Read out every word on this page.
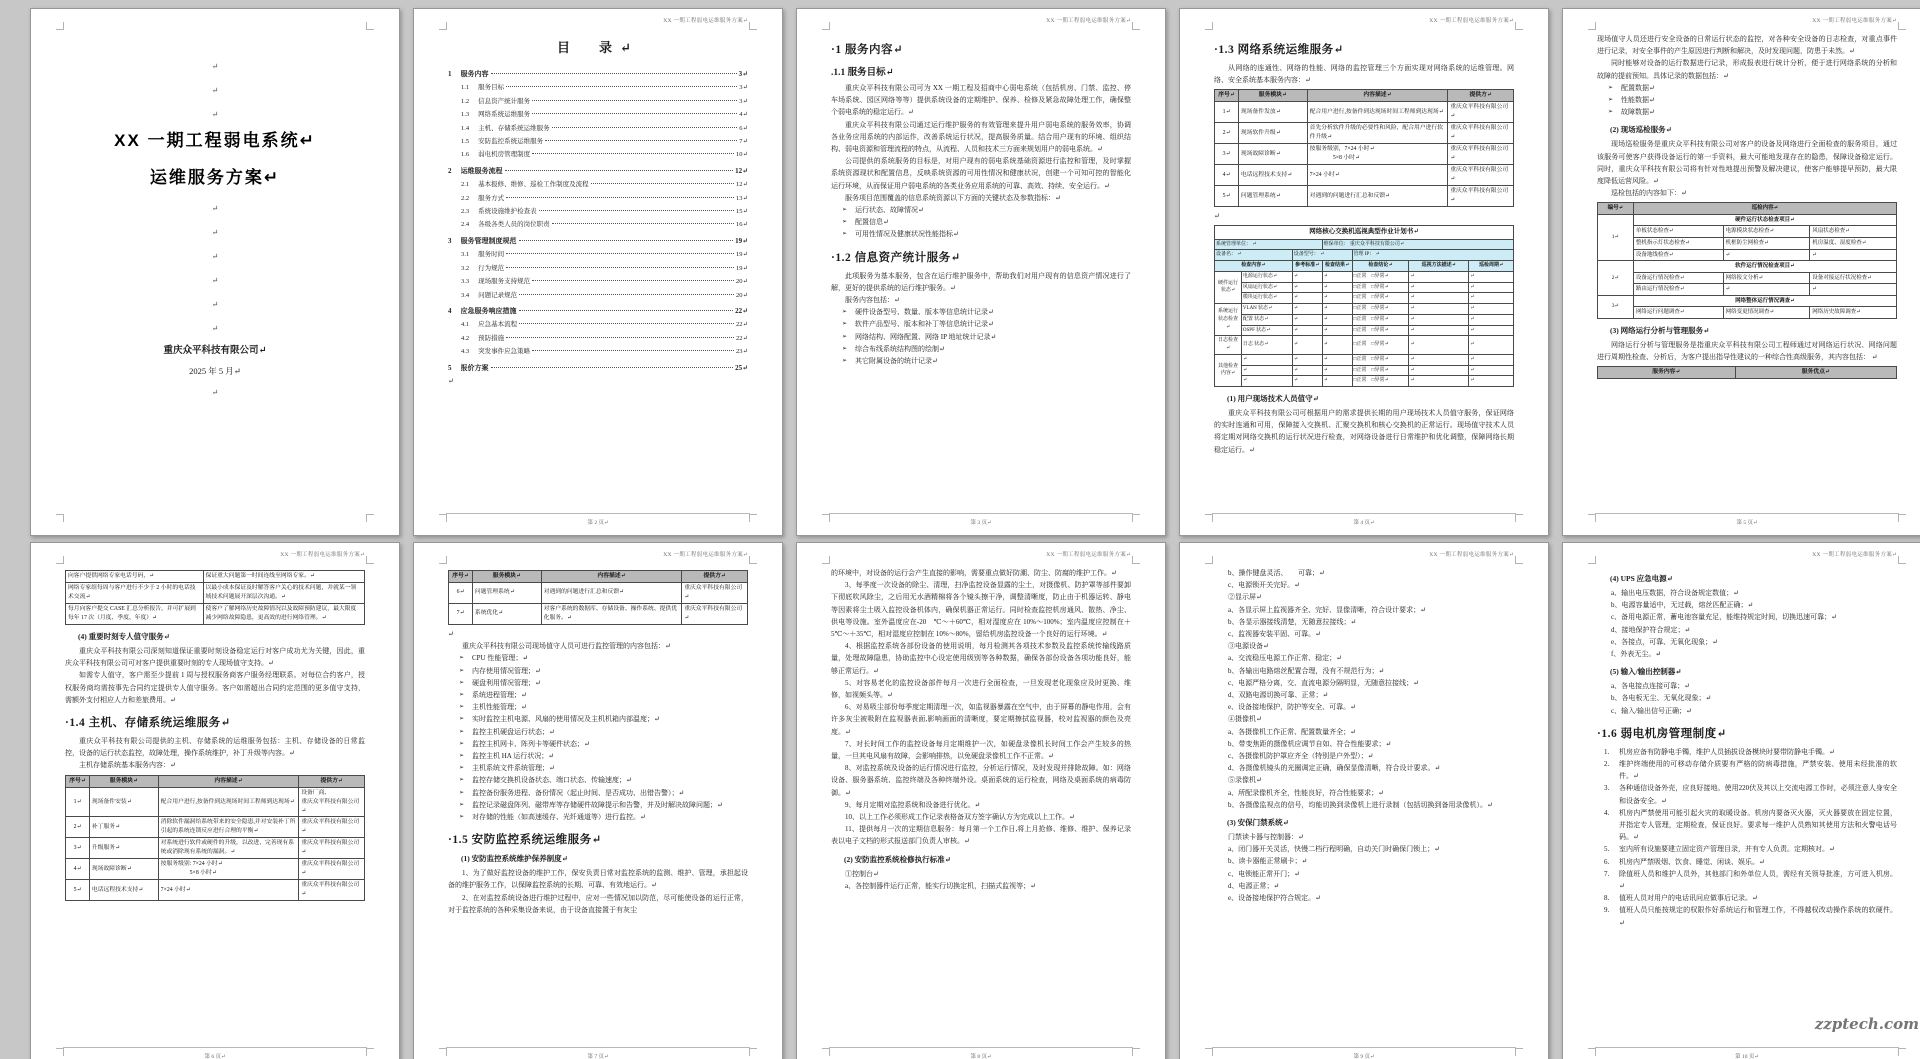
↵
↵
↵
XX 一期工程弱电系统↵
运维服务方案↵
↵
↵
↵
↵
↵
↵
重庆众平科技有限公司↵
2025 年 5 月↵
↵
XX 一期工程弱电运维服务方案↵
目　录↵
1 服务内容	3↵
1.1 服务目标	3↵
1.2 信息资产统计服务	3↵
1.3 网络系统运维服务	4↵
1.4 主机、存储系统运维服务	6↵
1.5 安防监控系统运维服务	7↵
1.6 弱电机房管理制度	10↵
2 运维服务流程	12↵
2.1 基本报修、维修、巡检工作制度及流程	12↵
2.2 服务方式	13↵
2.3 系统设施维护检查表	15↵
2.4 各级各类人员的岗位职责	16↵
3 服务管理制度规范	19↵
3.1 服务时间	19↵
3.2 行为规范	19↵
3.3 现场服务支持规范	20↵
3.4 问题记录规范	20↵
4 应急服务响应措施	22↵
4.1 应急基本流程	22↵
4.2 预防措施	22↵
4.3 突发事件应急策略	23↵
5 报价方案	25↵
↵
第 2 页↵
XX 一期工程弱电运维服务方案↵
·1 服务内容↵
.1.1 服务目标↵
重庆众平科技有限公司可为 XX 一期工程及招商中心弱电系统（包括机房、门禁、监控、停车场系统、园区网络等等）提供系统设备的定期维护、保养、检修及紧急故障处理工作，确保整个弱电系统的稳定运行。↵
重庆众平科技有限公司通过运行维护服务的有效管理来提升用户弱电系统的服务效率，协调各业务应用系统的内部运作，改善系统运行状况，提高服务质量。结合用户现有的环境、组织结构、弱电资源和管理流程的特点，从流程、人员和技术三方面来规划用户的弱电系统。↵
公司提供的系统服务的目标是，对用户现有的弱电系统基础资源进行监控和管理，及时掌握系统资源现状和配置信息，反映系统资源的可用性情况和健康状况，创建一个可知可控的智能化运行环境，从而保证用户弱电系统的各类业务应用系统的可靠、高效、持续、安全运行。↵
服务项目范围覆盖的信息系统资源以下方面的关键状态及参数指标：↵
➢ 运行状态、故障情况↵
➢ 配置信息↵
➢ 可用性情况及健康状况性能指标↵
·1.2 信息资产统计服务↵
此项服务为基本服务，包含在运行维护服务中，帮助我们对用户现有的信息资产情况进行了解，更好的提供系统的运行维护服务。↵
服务内容包括：↵
➢ 硬件设备型号、数量、版本等信息统计记录↵
➢ 软件产品型号、版本和补丁等信息统计记录↵
➢ 网络结构、网络配置、网络 IP 地址统计记录↵
➢ 综合布线系统结构图的绘制↵
➢ 其它附属设备的统计记录↵
第 3 页↵
XX 一期工程弱电运维服务方案↵
·1.3 网络系统运维服务↵
从网络的连通性、网络的性能、网络的监控管理三个方面实现对网络系统的运维管理。网络、安全系统基本服务内容：↵
序号↵	服务模块↵	内容描述↵	提供方↵
1↵	现场备件发放↵	配合用户进行,按备件到达现场时间工程师到达现场↵	重庆众平科技有限公司↵
2↵	现场软件升级↵	首先分析软件升级的必要性和风险，配合用户进行软件升级↵	重庆众平科技有限公司↵
3↵	现场故障诊断↵	按服务级别，7×24 小时↵
　　　　5×8 小时↵	重庆众平科技有限公司↵
4↵	电话远程技术支持↵	7×24 小时↵	重庆众平科技有限公司↵
5↵	问题管理系统↵	对遇到的问题进行汇总和反馈↵	重庆众平科技有限公司↵
↵
网络核心交换机巡视典型作业计划书↵						
系统管理单位： ↵			维保单位： 重庆众平科技有限公司↵			
设备名： ↵		设备型号： ↵		管理 IP： ↵		
检查内容↵		参考标准↵	检查结果↵	检查结论↵	巡视方法描述↵	巡检周期↵
硬件运行状态↵	电源运行状态↵	↵	↵	□正常　□异常↵	↵	↵
	风扇运行状态↵	↵	↵	□正常　□异常↵	↵	↵
	模块运行状态↵	↵	↵	□正常　□异常↵	↵	↵
系统运行状态检查↵	VLAN 状态↵	↵	↵	□正常　□异常↵	↵	↵
	配置 状态↵	↵	↵	□正常　□异常↵	↵	↵
	OSPF 状态↵	↵	↵	□正常　□异常↵	↵	↵
日志检查↵	日志 状态↵	↵	↵	□正常　□异常↵	↵	↵
其他检查内容↵	↵	↵	↵	□正常　□异常↵	↵	↵
	↵	↵	↵	□正常　□异常↵	↵	↵
	↵	↵	↵	□正常　□异常↵	↵	↵
(1) 用户现场技术人员值守↵
重庆众平科技有限公司可根据用户的需求提供长期的用户现场技术人员值守服务，保证网络的实时连通和可用，保障接入交换机、汇聚交换机和核心交换机的正常运行。现场值守技术人员将定期对网络交换机的运行状况进行检查，对网络设备进行日常维护和优化调整，保障网络长期稳定运行。↵
第 4 页↵
XX 一期工程弱电运维服务方案↵
现场值守人员还进行安全设备的日常运行状态的监控，对各种安全设备的日志检查，对重点事件进行记录，对安全事件的产生原因进行判断和解决，及时发现问题，防患于未然。↵
同时能够对设备的运行数据进行记录，形成报表进行统计分析，便于进行网络系统的分析和故障的提前预知。具体记录的数据包括：↵
➢ 配置数据↵
➢ 性能数据↵
➢ 故障数据↵
(2) 现场巡检服务↵
现场巡检服务是重庆众平科技有限公司对客户的设备及网络进行全面检查的服务项目，通过该服务可使客户获得设备运行的第一手资料，最大可能地发现存在的隐患，保障设备稳定运行。同时，重庆众平科技有限公司将有针对性地提出预警及解决建议，使客户能够提早预防，最大限度降低运营风险。↵
巡检包括的内容如下：↵
编号↵	巡检内容↵		
1↵	硬件运行状态检查项目↵		
	单板状态检查↵	电源模块状态检查↵	风扇状态检查↵
	整机指示灯状态检查↵	机框防尘网检查↵	机房温度、湿度检查↵
	设备地线检查↵	↵	↵
2↵	软件运行情况检查项目↵		
	设备运行情况检查↵	网络报文分析↵	设备对接运行状况检查↵
	路由运行情况检查↵	↵	↵
3↵	网络整体运行情况调查↵		
	网络运行问题调查↵	网络变更情况调查↵	网络历史故障调查↵
(3) 网络运行分析与管理服务↵
网络运行分析与管理服务是指重庆众平科技有限公司工程师通过对网络运行状况、网络问题进行周期性检查、分析后，为客户提出指导性建议的一种综合性高级服务，其内容包括： ↵
服务内容↵	服务优点↵
第 5 页↵
XX 一期工程弱电运维服务方案↵
向客户提供网络专家电话号码，↵	保证重大问题第一时间连线至网络专家。↵
网络专家组每周与客户进行不少于 2 小时的电话技术交流↵	以最小成本保证及时解答客户关心的技术问题，并就某一领域技术问题展开深层次沟通。↵
每月向客户提交 CASE 汇总分析报告，并可扩展到每年 17 次（月度、季度、年度）↵	使客户了解网络历史故障情况以及故障预防建议，最大限度减少网络故障隐患，更高效的进行网络管理。↵
(4) 重要时刻专人值守服务↵
重庆众平科技有限公司深刻知道保证重要时刻设备稳定运行对客户成功尤为关键，因此，重庆众平科技有限公司可对客户提供重要时刻的专人现场值守支持。↵
如需专人值守，客户需至少提前 1 周与授权服务商客户服务经理联系。对每位合约客户，授权服务商均需按事先合同约定提供专人值守服务。客户如需超出合同约定范围的更多值守支持，需额外支付相应人力和差旅费用。↵
·1.4 主机、存储系统运维服务↵
重庆众平科技有限公司提供的主机、存储系统的运维服务包括：主机、存储设备的日常监控，设备的运行状态监控，故障处理，操作系统维护，补丁升级等内容。↵
主机存储系统基本服务内容：↵
序号↵	服务模块↵	内容描述↵	提供方↵
1↵	现场备件安装↵	配合用户进行,按备件到达现场时间工程师到达现场↵	设备厂商、
重庆众平科技有限公司↵
2↵	补丁服务↵	消除软件漏洞给系统带来的安全隐患,并对安装补丁所引起的系统连锁反应进行合理的平衡↵	重庆众平科技有限公司↵
3↵	升级服务↵	对系统进行软件或硬件的升级，以改进、完善现有系统或消除现有系统的漏洞。↵	重庆众平科技有限公司↵
4↵	现场故障诊断↵	按服务级别: 7×24 小时↵
　　　　　5×8 小时↵	重庆众平科技有限公司↵
5↵	电话远程技术支持↵	7×24 小时↵	重庆众平科技有限公司↵
第 6 页↵
XX 一期工程弱电运维服务方案↵
序号↵	服务模块↵	内容描述↵	提供方↵
6↵	问题管理系统↵	对遇到的问题进行汇总和反馈↵	重庆众平科技有限公司↵
7↵	系统优化↵	对客户系统的数据库、存储设备、操作系统、提供优化服务。↵	重庆众平科技有限公司↵
↵
重庆众平科技有限公司现场值守人员可进行监控管理的内容包括：↵
➢ CPU 性能管理；↵
➢ 内存使用情况管理；↵
➢ 硬盘利用情况管理；↵
➢ 系统进程管理；↵
➢ 主机性能管理；↵
➢ 实时监控主机电源、风扇的使用情况及主机机箱内部温度；↵
➢ 监控主机硬盘运行状态；↵
➢ 监控主机网卡、阵列卡等硬件状态；↵
➢ 监控主机 HA 运行状况；↵
➢ 主机系统文件系统管理；↵
➢ 监控存储交换机设备状态、端口状态、传输速度；↵
➢ 监控备份服务进程、备份情况（起止时间、是否成功、出错告警）；↵
➢ 监控记录磁盘阵列、磁带库等存储硬件故障提示和告警，并及时解决故障问题；↵
➢ 对存储的性能（如高速缓存、光纤通道等）进行监控。↵
·1.5 安防监控系统运维服务↵
(1) 安防监控系统维护保养制度↵
1、为了做好监控设备的维护工作，保安负责日常对监控系统的监测、维护、管理，承担起设备的维护服务工作，以保障监控系统的长期、可靠、有效地运行。↵
2、在对监控系统设备进行维护过程中，应对一些情况加以防范，尽可能使设备的运行正常，对于监控系统的各种采集设备来说，由于设备直接置于有灰尘
第 7 页↵
XX 一期工程弱电运维服务方案↵
的环境中，对设备的运行会产生直接的影响，需要重点做好防潮、防尘、防腐的维护工作。↵
3、每季度一次设备的除尘、清理，扫净监控设备显露的尘土，对摄像机、防护罩等部件要卸下彻底吹风除尘，之后用无水酒精棉将各个镜头擦干净，调整清晰度，防止由于机器运转、静电等因素将尘土吸入监控设备机体内，确保机器正常运行。同时检查监控机房通风、散热、净尘、供电等设施。室外温度应在-20　℃～＋60℃，相对湿度应在 10%～100%；室内温度应控制在＋5℃～＋35℃，相对湿度应控制在 10%～80%，留给机房监控设备一个良好的运行环境。↵
4、根据监控系统各部份设备的使用说明，每月检测其各项技术参数及监控系统传输线路质量，处理故障隐患，协助监控中心设定使用级别等各种数据，确保各部份设备各项功能良好，能够正常运行。↵
5、对容易老化的监控设备部件每月一次进行全面检查，一旦发现老化现象应及时更换、维修，如视频头等。↵
6、对易吸尘部份每季度定期清理一次，如监视器暴露在空气中，由于屏幕的静电作用，会有许多灰尘被吸附在监视器表面,影响画面的清晰度，要定期擦拭监视器，校对监视器的颜色及亮度。↵
7、对长时间工作的监控设备每月定期维护一次，如硬盘录像机长时间工作会产生较多的热量，一旦其电风扇有故障，会影响排热，以免硬盘录像机工作不正常。↵
8、对监控系统及设备的运行情况进行监控，分析运行情况，及时发现并排除故障。如：网络设备、服务器系统、监控终端及各种终端外设。桌面系统的运行检查，网络及桌面系统的病毒防御。↵
9、每月定期对监控系统和设备进行优化。↵
10、以上工作必须形成工作记录表格备双方签字确认方为完成以上工作。↵
11、提供每月一次的定期信息服务：每月第一个工作日,将上月抢修、维修、维护、保养记录表以电子文档的形式报送部门负责人审核。↵
(2) 安防监控系统检修执行标准↵
①控制台↵
a、各控制器件运行正常，能实行切换定机，扫描式监视等；↵
第 8 页↵
XX 一期工程弱电运维服务方案↵
b、操作键盘灵活、　　可靠；↵
c、电源锁开关完好。↵
②显示屏↵
a、各显示屏上监视器齐全、完好、显像清晰，符合设计要求；↵
b、各显示器接线清楚，无随意拉接线；↵
c、监视器安装平固、可靠。↵
③电源设备↵
a、交流稳压电源工作正常、稳定；↵
b、各输出电路熔丝配置合理，没有不规范行为；↵
c、电源严格分离，交、直流电源分隔明显，无随意拉接线；↵
d、双路电源切换可靠、正常；↵
e、设备接地保护，防护等安全、可靠。↵
④摄像机↵
a、各摄像机工作正常、配置数量齐全；↵
b、带变焦距的摄像机应调节自如、符合性能要求；↵
c、各摄像机防护罩应齐全（特别是户外型）；↵
d、各摄像机镜头的光圈调定正确，确保显像清晰，符合设计要求。↵
⑤录像机↵
a、所配录像机齐全，性能良好，符合性能要求；↵
b、各摄像监视点的信号，均能切换到录像机上进行录制（包括切换到备用录像机）。↵
(3) 安保门禁系统↵
门禁读卡器与控制器：↵
a、闭门器开关灵活，快慢二档行程明确，自动关门时确保门锁上；↵
b、读卡器能正常刷卡；↵
c、电锁能正常开门；↵
d、电源正常；↵
e、设备接地保护符合规定。↵
第 9 页↵
XX 一期工程弱电运维服务方案↵
(4) UPS 应急电源↵
a、输出电压数据，符合设备规定数值；↵
b、电源容量适中，无过载，熔丝匹配正确；↵
c、备用电源正常，蓄电池容量充足，能维持规定时间，切换迅速可靠；↵
d、接地保护符合规定；↵
e、各接点，可靠、无氧化现象；↵
f、外表无尘。↵
(5) 输入/输出控制器↵
a、各电接点连接可靠；↵
b、各电板无尘、无氧化现象；↵
c、输入/输出信号正确；↵
·1.6 弱电机房管理制度↵
1. 机房应备有防静电手镯，维护人员插拔设备模块时要带防静电手镯。↵
2. 维护终端使用的可移动存储介质要有严格的防病毒措施，严禁安装、使用未经批准的软件。↵
3. 各种通信设备外壳，应良好接地。使用220伏及其以上交流电源工作时，必须注意人身安全和设备安全。↵
4. 机房内严禁使用可能引起火灾的取暖设备。机房内要备灭火器，灭火器要放在固定位置，并指定专人管理，定期检查，保证良好。要求每一维护人员熟知其使用方法和火警电话号码。↵
5. 室内所有设施要建立固定资产管理目录，并有专人负责。定期核对。↵
6. 机房内严禁吸烟、饮食、睡觉、闲谈、娱乐。↵
7. 除值班人员和维护人员外，其他部门和外单位人员，需经有关领导批准，方可进入机房。↵
8. 值班人员对用户的电话讯问应做事后记录。↵
9. 值班人员只能按规定的权限作好系统运行和管理工作，不得越权改动操作系统的软硬件。↵
zzptech.com
第 10 页↵
